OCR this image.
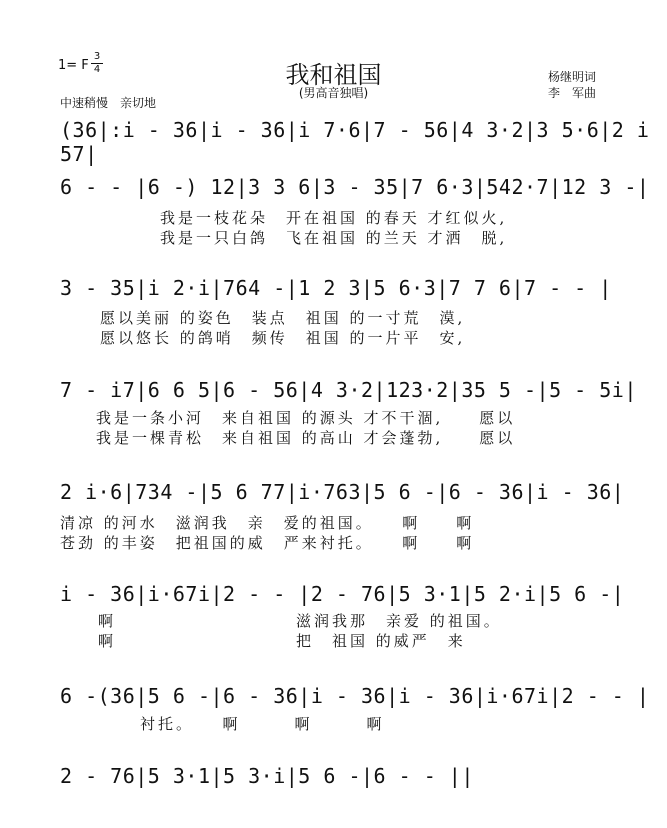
1= F
3
4	我和祖国
(男高音独唱)
杨继明词
李　军曲
中速稍慢　亲切地
(36|:i - 36|i - 36|i 7·6|7 - 56|4 3·2|3 5·6|2 i 57|
6 - - |6 -) 12|3 3 6|3 - 35|7 6·3|542·7|12 3 -|
我是一枝花朵　开在祖国 的春天 才红似火,
我是一只白鸽　飞在祖国 的兰天 才洒　脱,
3 - 35|i 2·i|764 -|1 2 3|5 6·3|7 7 6|7 - - |
愿以美丽 的姿色　装点　祖国 的一寸荒　漠,
愿以悠长 的鸽哨　频传　祖国 的一片平　安,
7 - i7|6 6 5|6 - 56|4 3·2|123·2|35 5 -|5 - 5i|
我是一条小河　来自祖国 的源头 才不干涸,　　愿以
我是一棵青松　来自祖国 的高山 才会蓬勃,　　愿以
2 i·6|734 -|5 6 77|i·763|5 6 -|6 - 36|i - 36|
清凉 的河水　滋润我　亲　爱的祖国。　　啊　　啊
苍劲 的丰姿　把祖国的威　严来衬托。　　啊　　啊
i - 36|i·67i|2 - - |2 - 76|5 3·1|5 2·i|5 6 -|
啊　　　　　　　　　　滋润我那　亲爱 的祖国。
啊　　　　　　　　　　把　祖国 的威严　来
6 -(36|5 6 -|6 - 36|i - 36|i - 36|i·67i|2 - - |
衬托。　　啊　　　啊　　　啊
2 - 76|5 3·1|5 3·i|5 6 -|6 - - ||
